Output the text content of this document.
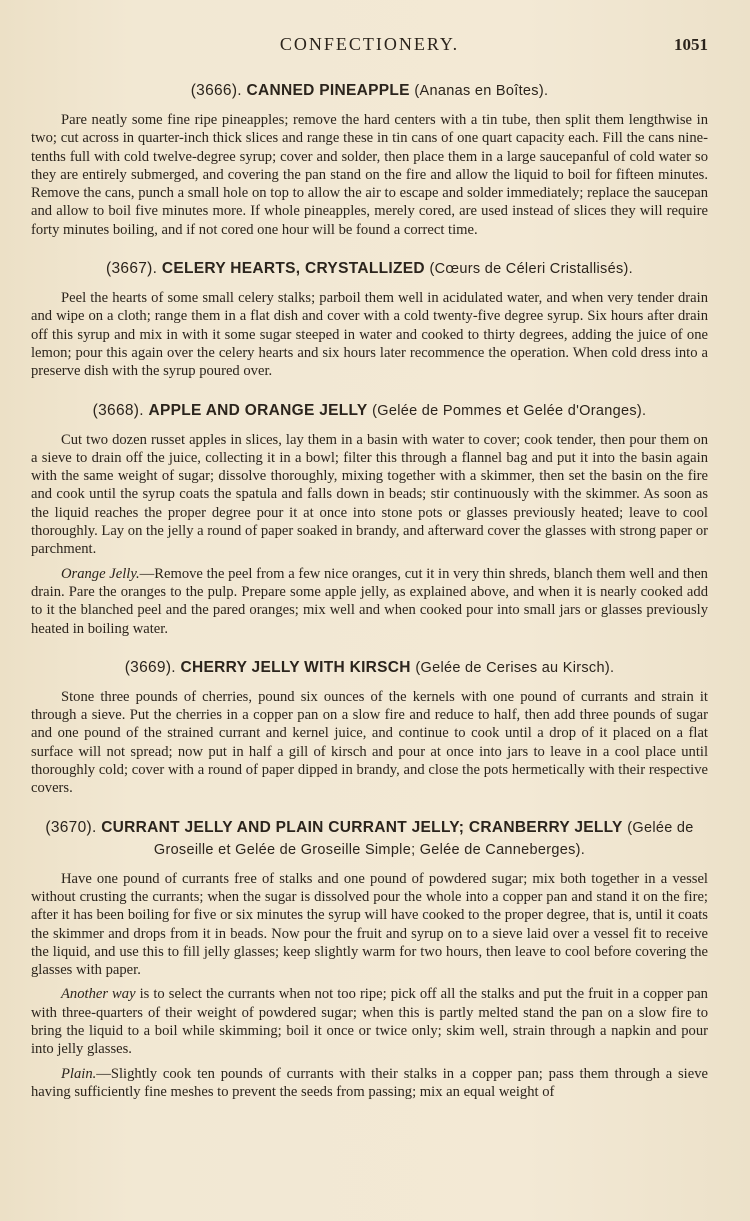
CONFECTIONERY.	1051
(3666). CANNED PINEAPPLE (Ananas en Boîtes).

Pare neatly some fine ripe pineapples; remove the hard centers with a tin tube, then split them lengthwise in two; cut across in quarter-inch thick slices and range these in tin cans of one quart capacity each. Fill the cans nine-tenths full with cold twelve-degree syrup; cover and solder, then place them in a large saucepanful of cold water so they are entirely submerged, and covering the pan stand on the fire and allow the liquid to boil for fifteen minutes. Remove the cans, punch a small hole on top to allow the air to escape and solder immediately; replace the saucepan and allow to boil five minutes more. If whole pineapples, merely cored, are used instead of slices they will require forty minutes boiling, and if not cored one hour will be found a correct time.

(3667). CELERY HEARTS, CRYSTALLIZED (Cœurs de Céleri Cristallisés).

Peel the hearts of some small celery stalks; parboil them well in acidulated water, and when very tender drain and wipe on a cloth; range them in a flat dish and cover with a cold twenty-five degree syrup. Six hours after drain off this syrup and mix in with it some sugar steeped in water and cooked to thirty degrees, adding the juice of one lemon; pour this again over the celery hearts and six hours later recommence the operation. When cold dress into a preserve dish with the syrup poured over.

(3668). APPLE AND ORANGE JELLY (Gelée de Pommes et Gelée d'Oranges).

Cut two dozen russet apples in slices, lay them in a basin with water to cover; cook tender, then pour them on a sieve to drain off the juice, collecting it in a bowl; filter this through a flannel bag and put it into the basin again with the same weight of sugar; dissolve thoroughly, mixing together with a skimmer, then set the basin on the fire and cook until the syrup coats the spatula and falls down in beads; stir continuously with the skimmer. As soon as the liquid reaches the proper degree pour it at once into stone pots or glasses previously heated; leave to cool thoroughly. Lay on the jelly a round of paper soaked in brandy, and afterward cover the glasses with strong paper or parchment.

Orange Jelly.—Remove the peel from a few nice oranges, cut it in very thin shreds, blanch them well and then drain. Pare the oranges to the pulp. Prepare some apple jelly, as explained above, and when it is nearly cooked add to it the blanched peel and the pared oranges; mix well and when cooked pour into small jars or glasses previously heated in boiling water.

(3669). CHERRY JELLY WITH KIRSCH (Gelée de Cerises au Kirsch).

Stone three pounds of cherries, pound six ounces of the kernels with one pound of currants and strain it through a sieve. Put the cherries in a copper pan on a slow fire and reduce to half, then add three pounds of sugar and one pound of the strained currant and kernel juice, and continue to cook until a drop of it placed on a flat surface will not spread; now put in half a gill of kirsch and pour at once into jars to leave in a cool place until thoroughly cold; cover with a round of paper dipped in brandy, and close the pots hermetically with their respective covers.

(3670). CURRANT JELLY AND PLAIN CURRANT JELLY; CRANBERRY JELLY (Gelée de Groseille et Gelée de Groseille Simple; Gelée de Canneberges).

Have one pound of currants free of stalks and one pound of powdered sugar; mix both together in a vessel without crusting the currants; when the sugar is dissolved pour the whole into a copper pan and stand it on the fire; after it has been boiling for five or six minutes the syrup will have cooked to the proper degree, that is, until it coats the skimmer and drops from it in beads. Now pour the fruit and syrup on to a sieve laid over a vessel fit to receive the liquid, and use this to fill jelly glasses; keep slightly warm for two hours, then leave to cool before covering the glasses with paper.

Another way is to select the currants when not too ripe; pick off all the stalks and put the fruit in a copper pan with three-quarters of their weight of powdered sugar; when this is partly melted stand the pan on a slow fire to bring the liquid to a boil while skimming; boil it once or twice only; skim well, strain through a napkin and pour into jelly glasses.

Plain.—Slightly cook ten pounds of currants with their stalks in a copper pan; pass them through a sieve having sufficiently fine meshes to prevent the seeds from passing; mix an equal weight of
